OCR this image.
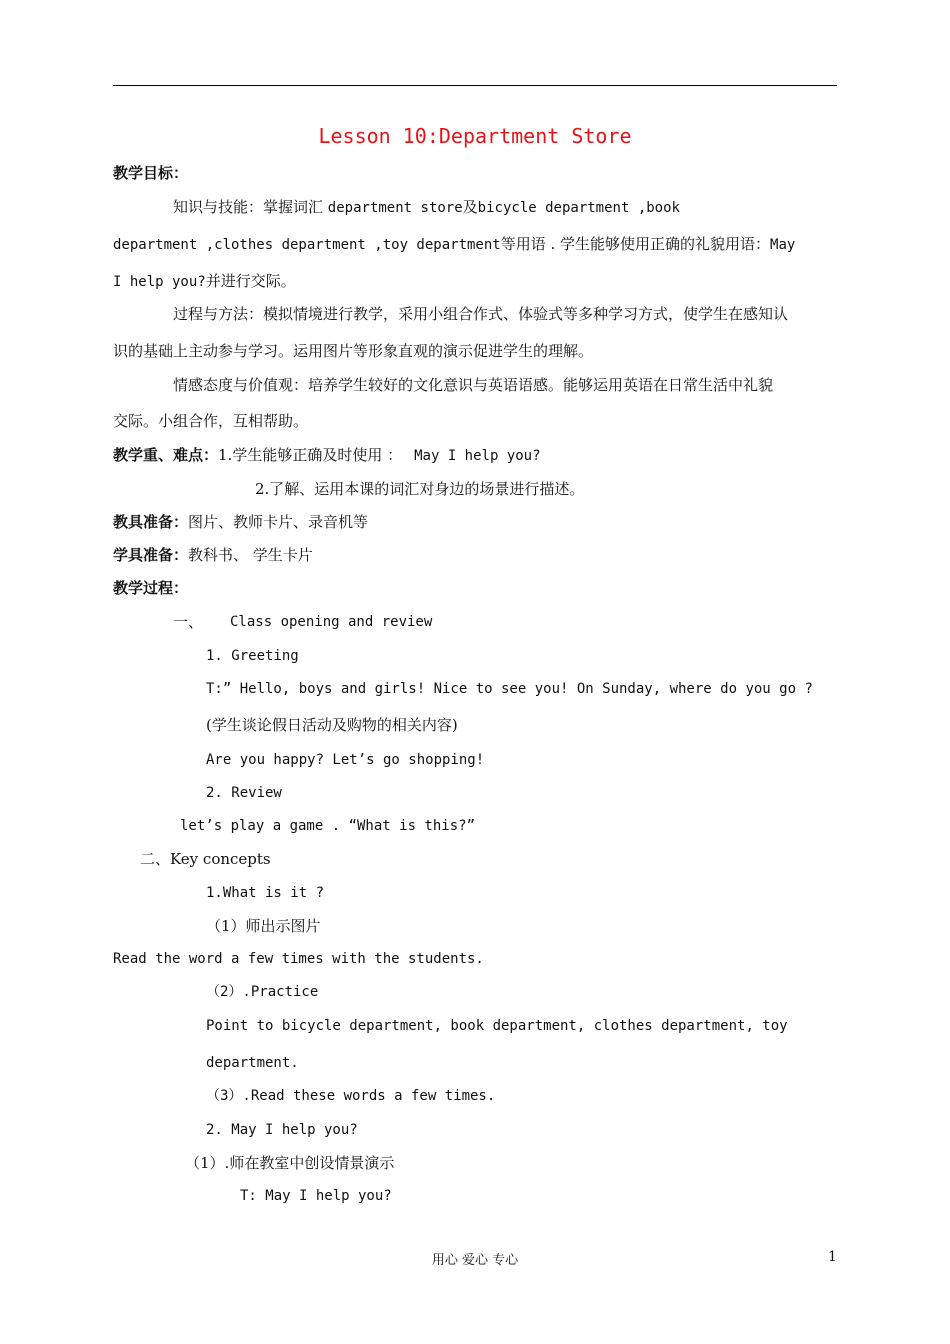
Lesson 10:Department Store
教学目标：
知识与技能：掌握词汇 department store及bicycle department ,book
department ,clothes department ,toy department等用语 . 学生能够使用正确的礼貌用语：May
I help you?并进行交际。
过程与方法：模拟情境进行教学，采用小组合作式、体验式等多种学习方式，使学生在感知认
识的基础上主动参与学习。运用图片等形象直观的演示促进学生的理解。
情感态度与价值观：培养学生较好的文化意识与英语语感。能够运用英语在日常生活中礼貌
交际。小组合作，互相帮助。
教学重、难点：1.学生能够正确及时使用 ： May I help you?
2.了解、运用本课的词汇对身边的场景进行描述。
教具准备：图片、教师卡片、录音机等
学具准备：教科书、 学生卡片
教学过程：
一、 Class opening and review
1. Greeting
T:” Hello, boys and girls! Nice to see you! On Sunday, where do you go ?
(学生谈论假日活动及购物的相关内容)
Are you happy? Let’s go shopping!
2. Review
let’s play a game . “What is this?”
二、Key concepts
1.What is it ?
（1）师出示图片
Read the word a few times with the students.
（2）.Practice
Point to bicycle department, book department, clothes department, toy
department.
（3）.Read these words a few times.
2. May I help you?
（1）.师在教室中创设情景演示
T: May I help you?
用心 爱心 专心	1
